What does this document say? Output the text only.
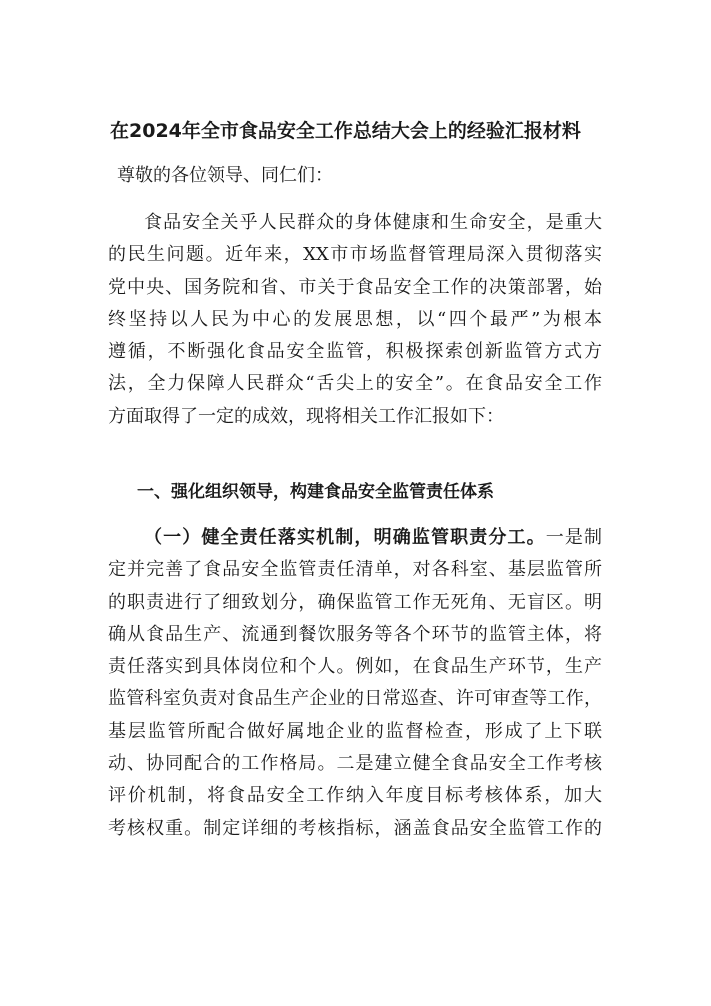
在2024年全市食品安全工作总结大会上的经验汇报材料

尊敬的各位领导、同仁们：

食品安全关乎人民群众的身体健康和生命安全，是重大
的民生问题。近年来，XX市市场监督管理局深入贯彻落实
党中央、国务院和省、市关于食品安全工作的决策部署，始
终坚持以人民为中心的发展思想，以“四个最严”为根本
遵循，不断强化食品安全监管，积极探索创新监管方式方
法，全力保障人民群众“舌尖上的安全”。在食品安全工作
方面取得了一定的成效，现将相关工作汇报如下：
一、强化组织领导，构建食品安全监管责任体系
（一）健全责任落实机制，明确监管职责分工。一是制
定并完善了食品安全监管责任清单，对各科室、基层监管所
的职责进行了细致划分，确保监管工作无死角、无盲区。明
确从食品生产、流通到餐饮服务等各个环节的监管主体，将
责任落实到具体岗位和个人。例如，在食品生产环节，生产
监管科室负责对食品生产企业的日常巡查、许可审查等工作，
基层监管所配合做好属地企业的监督检查，形成了上下联
动、协同配合的工作格局。二是建立健全食品安全工作考核
评价机制，将食品安全工作纳入年度目标考核体系，加大
考核权重。制定详细的考核指标，涵盖食品安全监管工作的
